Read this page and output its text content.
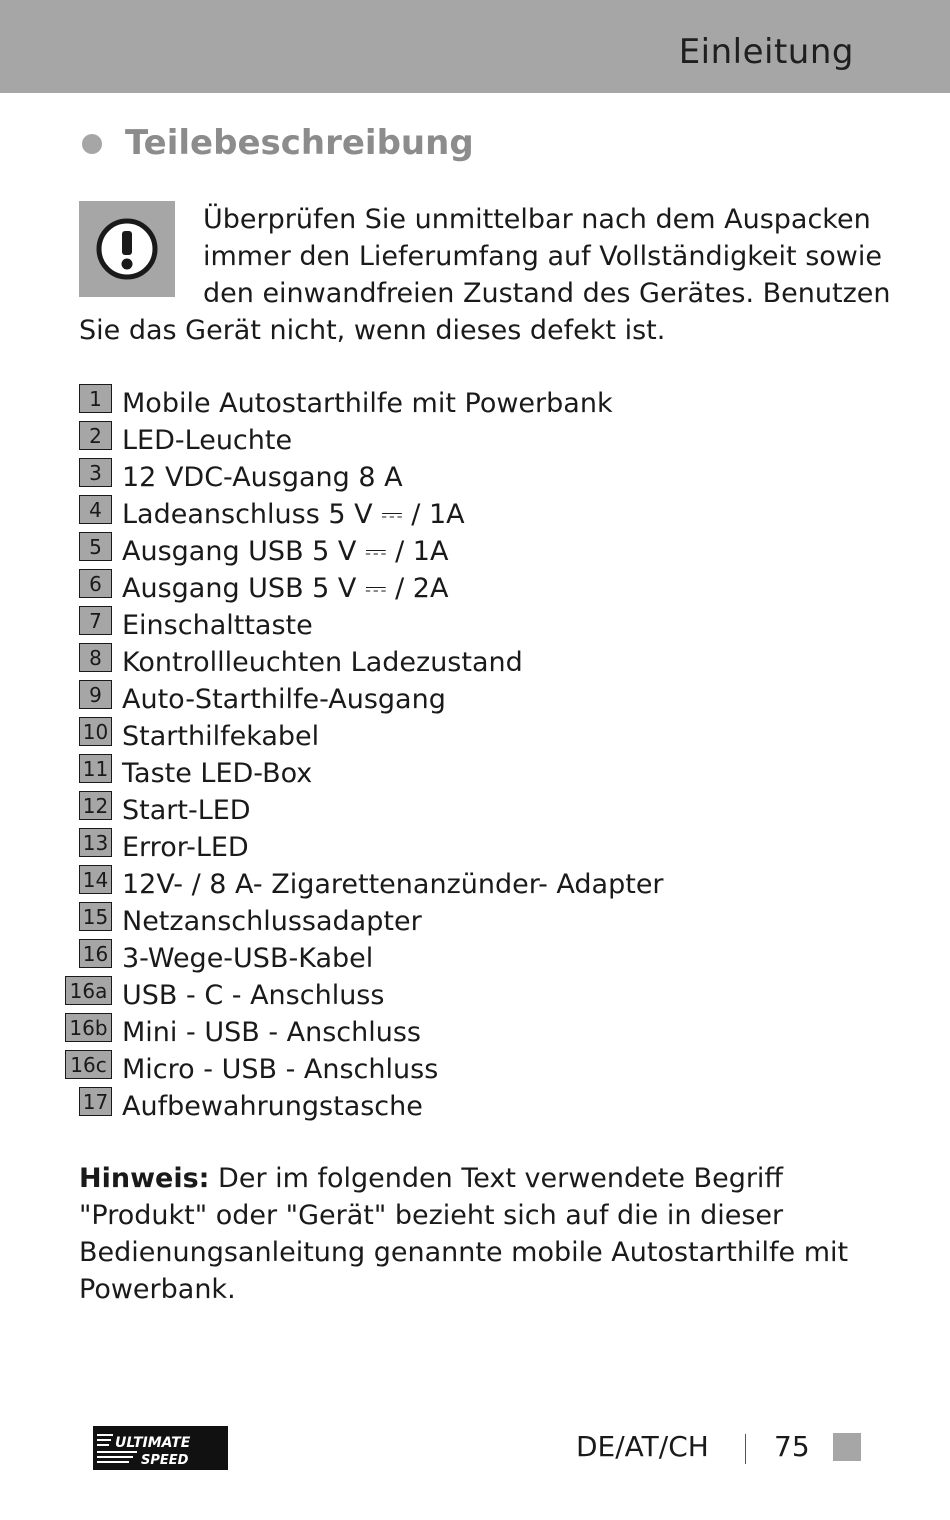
Einleitung
Teilebeschreibung
Überprüfen Sie unmittelbar nach dem Auspacken
immer den Lieferumfang auf Vollständigkeit sowie
den einwandfreien Zustand des Gerätes. Benutzen
Sie das Gerät nicht, wenn dieses defekt ist.
1 Mobile Autostarthilfe mit Powerbank
2 LED-Leuchte
3 12 VDC-Ausgang 8 A
4 Ladeanschluss 5 V ⎓ / 1A
5 Ausgang USB 5 V ⎓ / 1A
6 Ausgang USB 5 V ⎓ / 2A
7 Einschalttaste
8 Kontrollleuchten Ladezustand
9 Auto-Starthilfe-Ausgang
10 Starthilfekabel
11 Taste LED-Box
12 Start-LED
13 Error-LED
14 12V- / 8 A- Zigarettenanzünder- Adapter
15 Netzanschlussadapter
16 3-Wege-USB-Kabel
16a USB - C - Anschluss
16b Mini - USB - Anschluss
16c Micro - USB - Anschluss
17 Aufbewahrungstasche
Hinweis: Der im folgenden Text verwendete Begriff "Produkt" oder "Gerät" bezieht sich auf die in dieser Bedienungsanleitung genannte mobile Autostarthilfe mit Powerbank.
ULTIMATE
SPEED	DE/AT/CH 75
